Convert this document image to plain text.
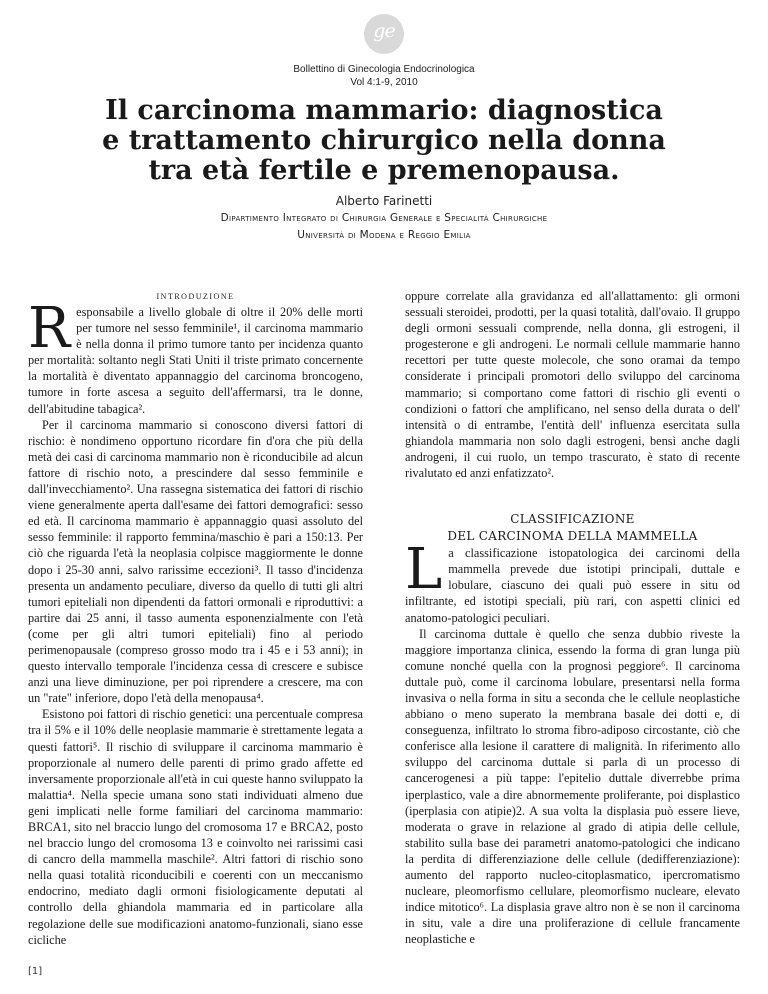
ge
Bollettino di Ginecologia Endocrinologica
Vol 4:1-9, 2010
Il carcinoma mammario: diagnostica
e trattamento chirurgico nella donna
tra età fertile e premenopausa.
Alberto Farinetti
Dipartimento Integrato di Chirurgia Generale e Specialità Chirurgiche
Università di Modena e Reggio Emilia
introduzione

Responsabile a livello globale di oltre il 20% delle morti per tumore nel sesso femminile¹, il carcinoma mammario è nella donna il primo tumore tanto per incidenza quanto per mortalità: soltanto negli Stati Uniti il triste primato concernente la mortalità è diventato appannaggio del carcinoma broncogeno, tumore in forte ascesa a seguito dell'affermarsi, tra le donne, dell'abitudine tabagica².

Per il carcinoma mammario si conoscono diversi fattori di rischio: è nondimeno opportuno ricordare fin d'ora che più della metà dei casi di carcinoma mammario non è riconducibile ad alcun fattore di rischio noto, a prescindere dal sesso femminile e dall'invecchiamento². Una rassegna sistematica dei fattori di rischio viene generalmente aperta dall'esame dei fattori demografici: sesso ed età. Il carcinoma mammario è appannaggio quasi assoluto del sesso femminile: il rapporto femmina/maschio è pari a 150:13. Per ciò che riguarda l'età la neoplasia colpisce maggiormente le donne dopo i 25-30 anni, salvo rarissime eccezioni³. Il tasso d'incidenza presenta un andamento peculiare, diverso da quello di tutti gli altri tumori epiteliali non dipendenti da fattori ormonali e riproduttivi: a partire dai 25 anni, il tasso aumenta esponenzialmente con l'età (come per gli altri tumori epiteliali) fino al periodo perimenopausale (compreso grosso modo tra i 45 e i 53 anni); in questo intervallo temporale l'incidenza cessa di crescere e subisce anzi una lieve diminuzione, per poi riprendere a crescere, ma con un "rate" inferiore, dopo l'età della menopausa⁴.

Esistono poi fattori di rischio genetici: una percentuale compresa tra il 5% e il 10% delle neoplasie mammarie è strettamente legata a questi fattori⁵. Il rischio di sviluppare il carcinoma mammario è proporzionale al numero delle parenti di primo grado affette ed inversamente proporzionale all'età in cui queste hanno sviluppato la malattia⁴. Nella specie umana sono stati individuati almeno due geni implicati nelle forme familiari del carcinoma mammario: BRCA1, sito nel braccio lungo del cromosoma 17 e BRCA2, posto nel braccio lungo del cromosoma 13 e coinvolto nei rarissimi casi di cancro della mammella maschile². Altri fattori di rischio sono nella quasi totalità riconducibili e coerenti con un meccanismo endocrino, mediato dagli ormoni fisiologicamente deputati al controllo della ghiandola mammaria ed in particolare alla regolazione delle sue modificazioni anatomo-funzionali, siano esse cicliche

oppure correlate alla gravidanza ed all'allattamento: gli ormoni sessuali steroidei, prodotti, per la quasi totalità, dall'ovaio. Il gruppo degli ormoni sessuali comprende, nella donna, gli estrogeni, il progesterone e gli androgeni. Le normali cellule mammarie hanno recettori per tutte queste molecole, che sono oramai da tempo considerate i principali promotori dello sviluppo del carcinoma mammario; si comportano come fattori di rischio gli eventi o condizioni o fattori che amplificano, nel senso della durata o dell' intensità o di entrambe, l'entità dell' influenza esercitata sulla ghiandola mammaria non solo dagli estrogeni, bensì anche dagli androgeni, il cui ruolo, un tempo trascurato, è stato di recente rivalutato ed anzi enfatizzato².

CLASSIFICAZIONE
DEL CARCINOMA DELLA MAMMELLA

La classificazione istopatologica dei carcinomi della mammella prevede due istotipi principali, duttale e lobulare, ciascuno dei quali può essere in situ od infiltrante, ed istotipi speciali, più rari, con aspetti clinici ed anatomo-patologici peculiari.

Il carcinoma duttale è quello che senza dubbio riveste la maggiore importanza clinica, essendo la forma di gran lunga più comune nonché quella con la prognosi peggiore⁶. Il carcinoma duttale può, come il carcinoma lobulare, presentarsi nella forma invasiva o nella forma in situ a seconda che le cellule neoplastiche abbiano o meno superato la membrana basale dei dotti e, di conseguenza, infiltrato lo stroma fibro-adiposo circostante, ciò che conferisce alla lesione il carattere di malignità. In riferimento allo sviluppo del carcinoma duttale si parla di un processo di cancerogenesi a più tappe: l'epitelio duttale diverrebbe prima iperplastico, vale a dire abnormemente proliferante, poi displastico (iperplasia con atipie)2. A sua volta la displasia può essere lieve, moderata o grave in relazione al grado di atipia delle cellule, stabilito sulla base dei parametri anatomo-patologici che indicano la perdita di differenziazione delle cellule (dedifferenziazione): aumento del rapporto nucleo-citoplasmatico, ipercromatismo nucleare, pleomorfismo cellulare, pleomorfismo nucleare, elevato indice mitotico⁶. La displasia grave altro non è se non il carcinoma in situ, vale a dire una proliferazione di cellule francamente neoplastiche e

[1]
